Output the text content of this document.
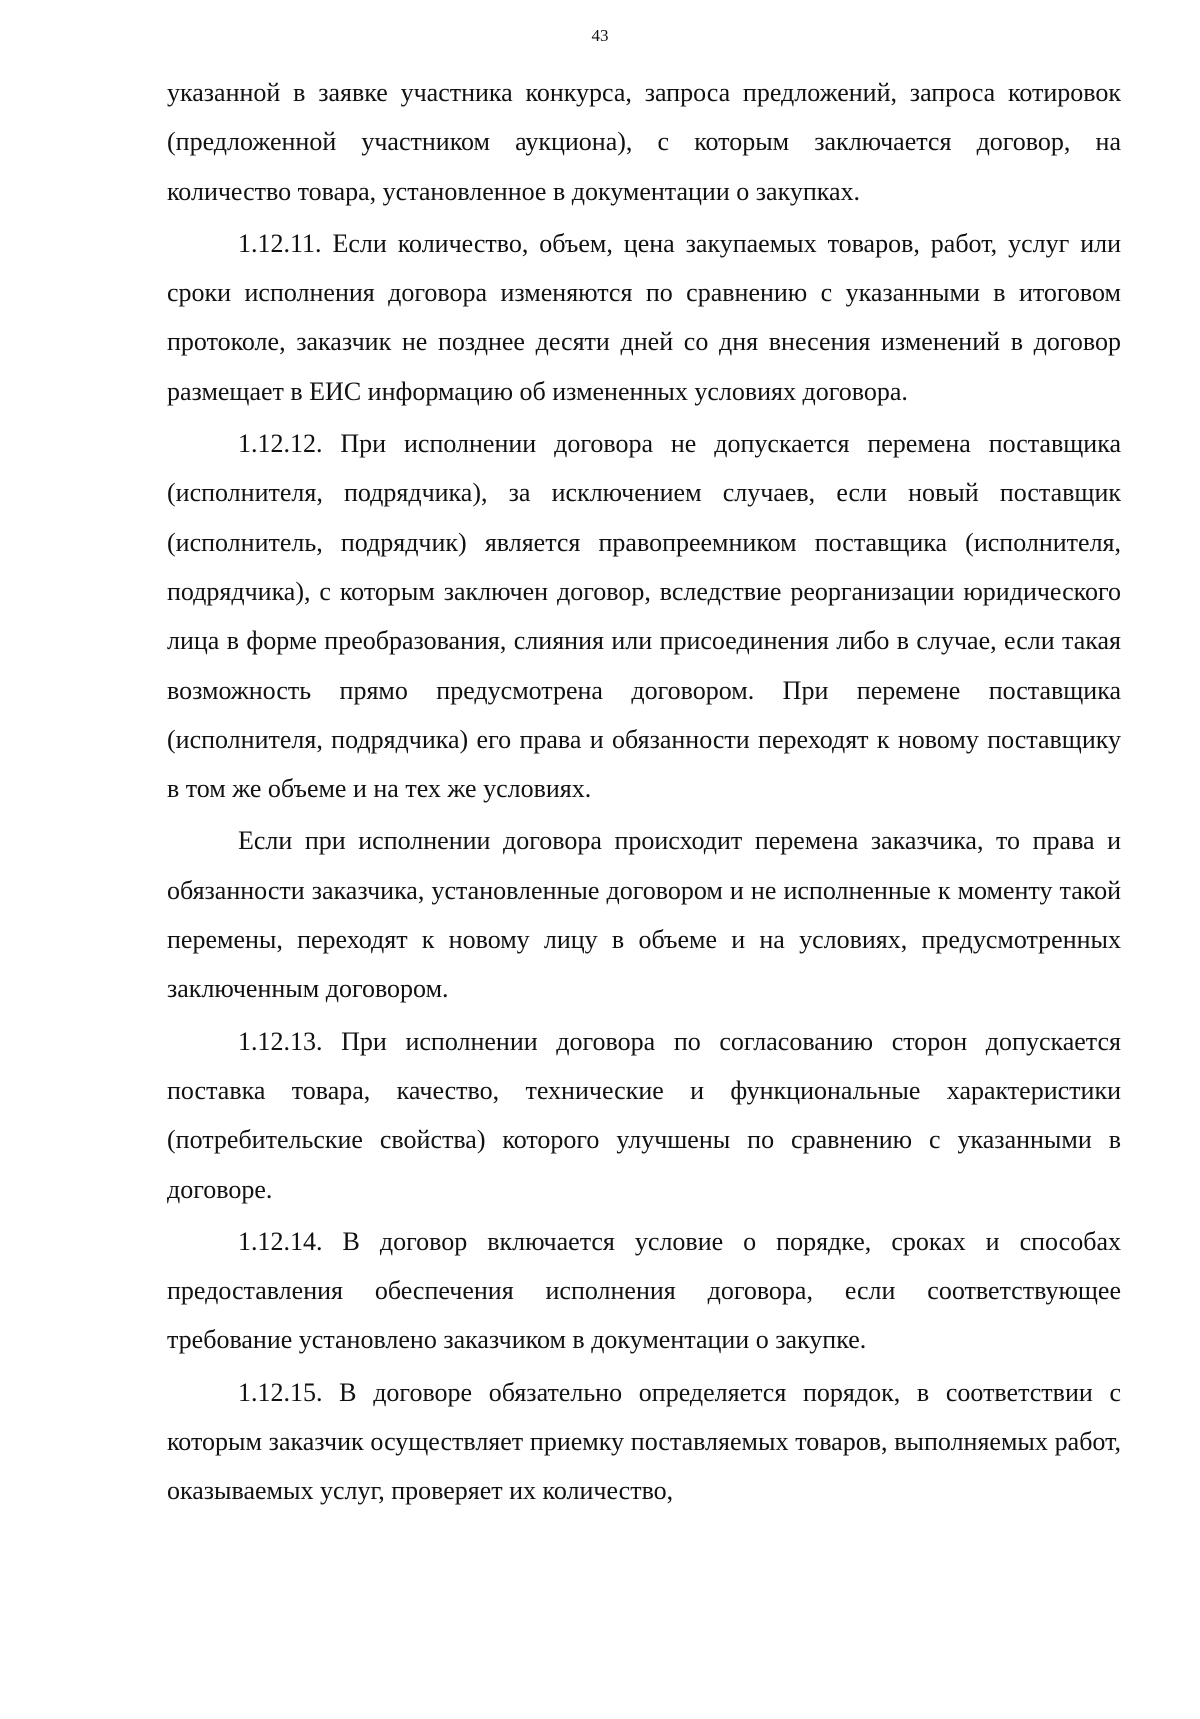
43

указанной в заявке участника конкурса, запроса предложений, запроса котировок (предложенной участником аукциона), с которым заключается договор, на количество товара, установленное в документации о закупках.

1.12.11. Если количество, объем, цена закупаемых товаров, работ, услуг или сроки исполнения договора изменяются по сравнению с указанными в итоговом протоколе, заказчик не позднее десяти дней со дня внесения изменений в договор размещает в ЕИС информацию об измененных условиях договора.

1.12.12. При исполнении договора не допускается перемена поставщика (исполнителя, подрядчика), за исключением случаев, если новый поставщик (исполнитель, подрядчик) является правопреемником поставщика (исполнителя, подрядчика), с которым заключен договор, вследствие реорганизации юридического лица в форме преобразования, слияния или присоединения либо в случае, если такая возможность прямо предусмотрена договором. При перемене поставщика (исполнителя, подрядчика) его права и обязанности переходят к новому поставщику в том же объеме и на тех же условиях.

Если при исполнении договора происходит перемена заказчика, то права и обязанности заказчика, установленные договором и не исполненные к моменту такой перемены, переходят к новому лицу в объеме и на условиях, предусмотренных заключенным договором.

1.12.13. При исполнении договора по согласованию сторон допускается поставка товара, качество, технические и функциональные характеристики (потребительские свойства) которого улучшены по сравнению с указанными в договоре.

1.12.14. В договор включается условие о порядке, сроках и способах предоставления обеспечения исполнения договора, если соответствующее требование установлено заказчиком в документации о закупке.

1.12.15. В договоре обязательно определяется порядок, в соответствии с которым заказчик осуществляет приемку поставляемых товаров, выполняемых работ, оказываемых услуг, проверяет их количество,
